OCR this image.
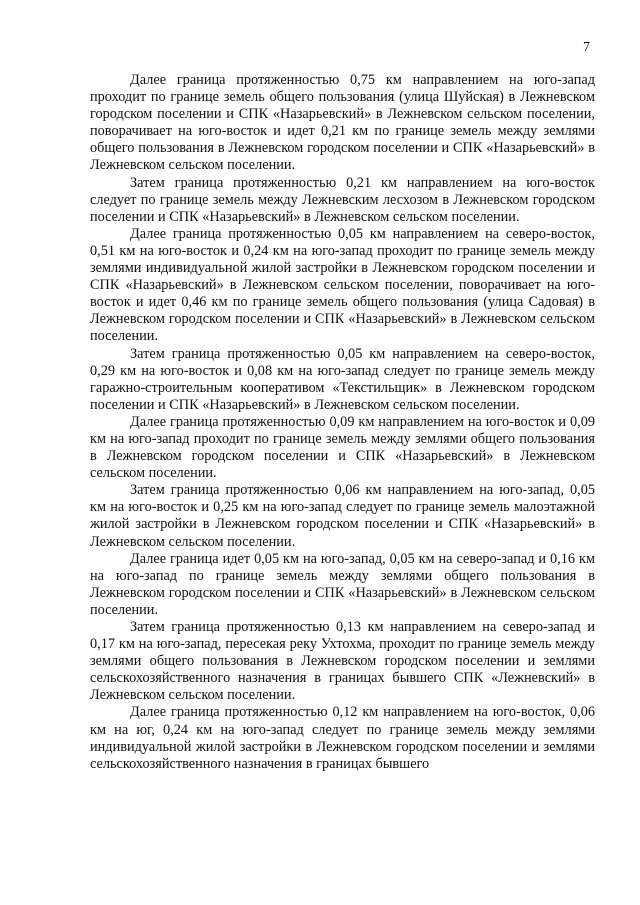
7

Далее граница протяженностью 0,75 км направлением на юго-запад проходит по границе земель общего пользования (улица Шуйская) в Лежневском городском поселении и СПК «Назарьевский» в Лежневском сельском поселении, поворачивает на юго-восток и идет 0,21 км по границе земель между землями общего пользования в Лежневском городском поселении и СПК «Назарьевский» в Лежневском сельском поселении.

Затем граница протяженностью 0,21 км направлением на юго-восток следует по границе земель между Лежневским лесхозом в Лежневском городском поселении и СПК «Назарьевский» в Лежневском сельском поселении.

Далее граница протяженностью 0,05 км направлением на северо-восток, 0,51 км на юго-восток и 0,24 км на юго-запад проходит по границе земель между землями индивидуальной жилой застройки в Лежневском городском поселении и СПК «Назарьевский» в Лежневском сельском поселении, поворачивает на юго-восток и идет 0,46 км по границе земель общего пользования (улица Садовая) в Лежневском городском поселении и СПК «Назарьевский» в Лежневском сельском поселении.

Затем граница протяженностью 0,05 км направлением на северо-восток, 0,29 км на юго-восток и 0,08 км на юго-запад следует по границе земель между гаражно-строительным кооперативом «Текстильщик» в Лежневском городском поселении и СПК «Назарьевский» в Лежневском сельском поселении.

Далее граница протяженностью 0,09 км направлением на юго-восток и 0,09 км на юго-запад проходит по границе земель между землями общего пользования в Лежневском городском поселении и СПК «Назарьевский» в Лежневском сельском поселении.

Затем граница протяженностью 0,06 км направлением на юго-запад, 0,05 км на юго-восток и 0,25 км на юго-запад следует по границе земель малоэтажной жилой застройки в Лежневском городском поселении и СПК «Назарьевский» в Лежневском сельском поселении.

Далее граница идет 0,05 км на юго-запад, 0,05 км на северо-запад и 0,16 км на юго-запад по границе земель между землями общего пользования в Лежневском городском поселении и СПК «Назарьевский» в Лежневском сельском поселении.

Затем граница протяженностью 0,13 км направлением на северо-запад и 0,17 км на юго-запад, пересекая реку Ухтохма, проходит по границе земель между землями общего пользования в Лежневском городском поселении и землями сельскохозяйственного назначения в границах бывшего СПК «Лежневский» в Лежневском сельском поселении.

Далее граница протяженностью 0,12 км направлением на юго-восток, 0,06 км на юг, 0,24 км на юго-запад следует по границе земель между землями индивидуальной жилой застройки в Лежневском городском поселении и землями сельскохозяйственного назначения в границах бывшего
